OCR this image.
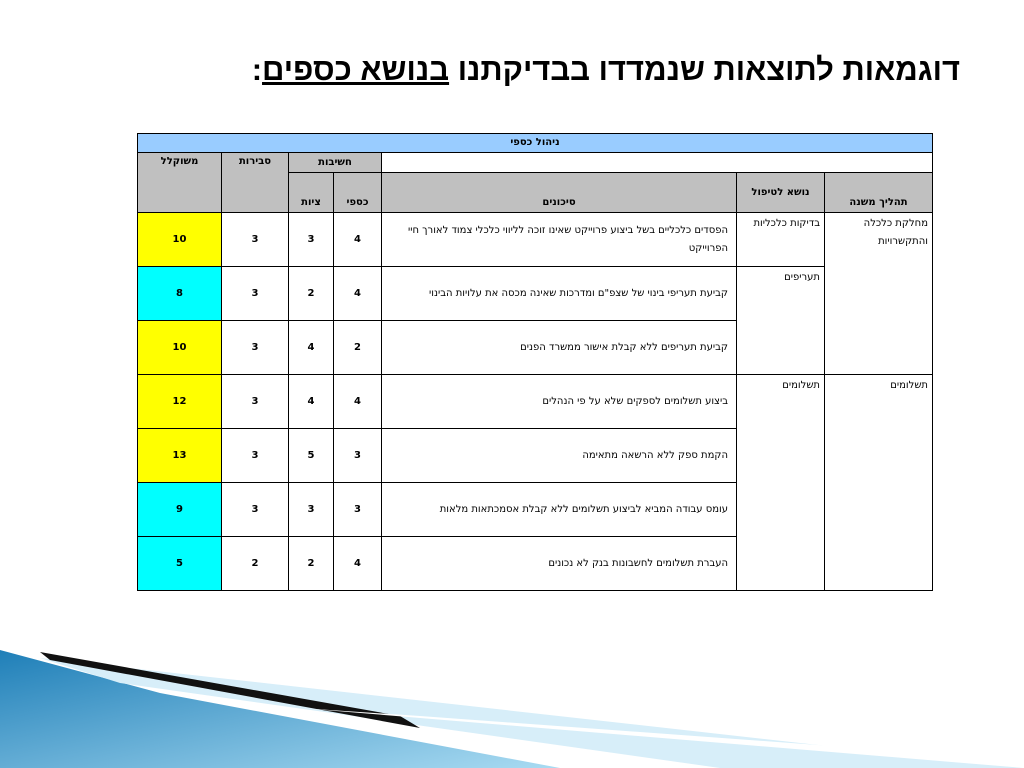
דוגמאות לתוצאות שנמדדו בבדיקתנו בנושא כספים:
ניהול כספי						
			חשיבות		סבירות	משוקלל
תהליך משנה	נושא לטיפול	סיכונים	כספי	ציות		
מחלקת כלכלה והתקשרויות	בדיקות כלכליות	הפסדים כלכליים בשל ביצוע פרוייקט שאינו זוכה לליווי כלכלי צמוד לאורך חיי הפרוייקט	4	3	3	10
	תעריפים	קביעת תעריפי בינוי של שצפ"ם ומדרכות שאינה מכסה את עלויות הבינוי	4	2	3	8
		קביעת תעריפים ללא קבלת אישור ממשרד הפנים	2	4	3	10
תשלומים	תשלומים	ביצוע תשלומים לספקים שלא על פי הנהלים	4	4	3	12
		הקמת ספק ללא הרשאה מתאימה	3	5	3	13
		עומס עבודה המביא לביצוע תשלומים ללא קבלת אסמכתאות מלאות	3	3	3	9
		העברת תשלומים לחשבונות בנק לא נכונים	4	2	2	5
